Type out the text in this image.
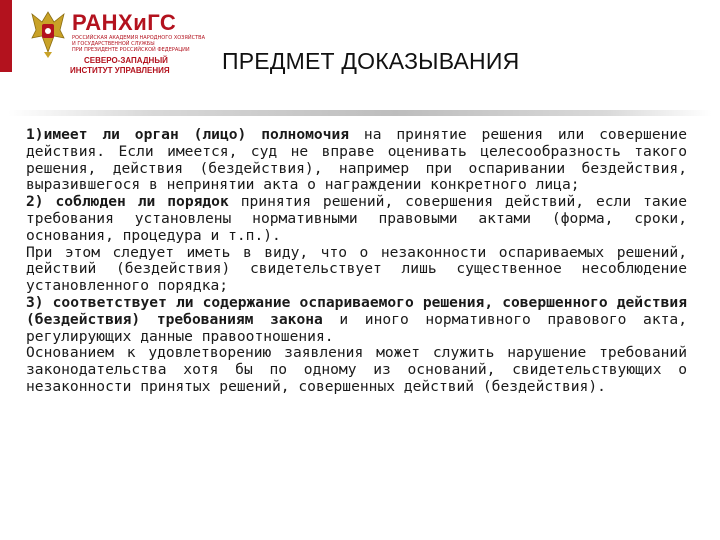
РАНХиГС
РОССИЙСКАЯ АКАДЕМИЯ НАРОДНОГО ХОЗЯЙСТВА
И ГОСУДАРСТВЕННОЙ СЛУЖБЫ
ПРИ ПРЕЗИДЕНТЕ РОССИЙСКОЙ ФЕДЕРАЦИИ
СЕВЕРО-ЗАПАДНЫЙ
ИНСТИТУТ УПРАВЛЕНИЯ ПРЕДМЕТ ДОКАЗЫВАНИЯ

1)имеет ли орган (лицо) полномочия на принятие решения или совершение действия. Если имеется, суд не вправе оценивать целесообразность такого решения, действия (бездействия), например при оспаривании бездействия, выразившегося в непринятии акта о награждении конкретного лица;

2) соблюден ли порядок принятия решений, совершения действий, если такие требования установлены нормативными правовыми актами (форма, сроки, основания, процедура и т.п.).

При этом следует иметь в виду, что о незаконности оспариваемых решений, действий (бездействия) свидетельствует лишь существенное несоблюдение установленного порядка;

3) соответствует ли содержание оспариваемого решения, совершенного действия (бездействия) требованиям закона и иного нормативного правового акта, регулирующих данные правоотношения.

Основанием к удовлетворению заявления может служить нарушение требований законодательства хотя бы по одному из оснований, свидетельствующих о незаконности принятых решений, совершенных действий (бездействия).
